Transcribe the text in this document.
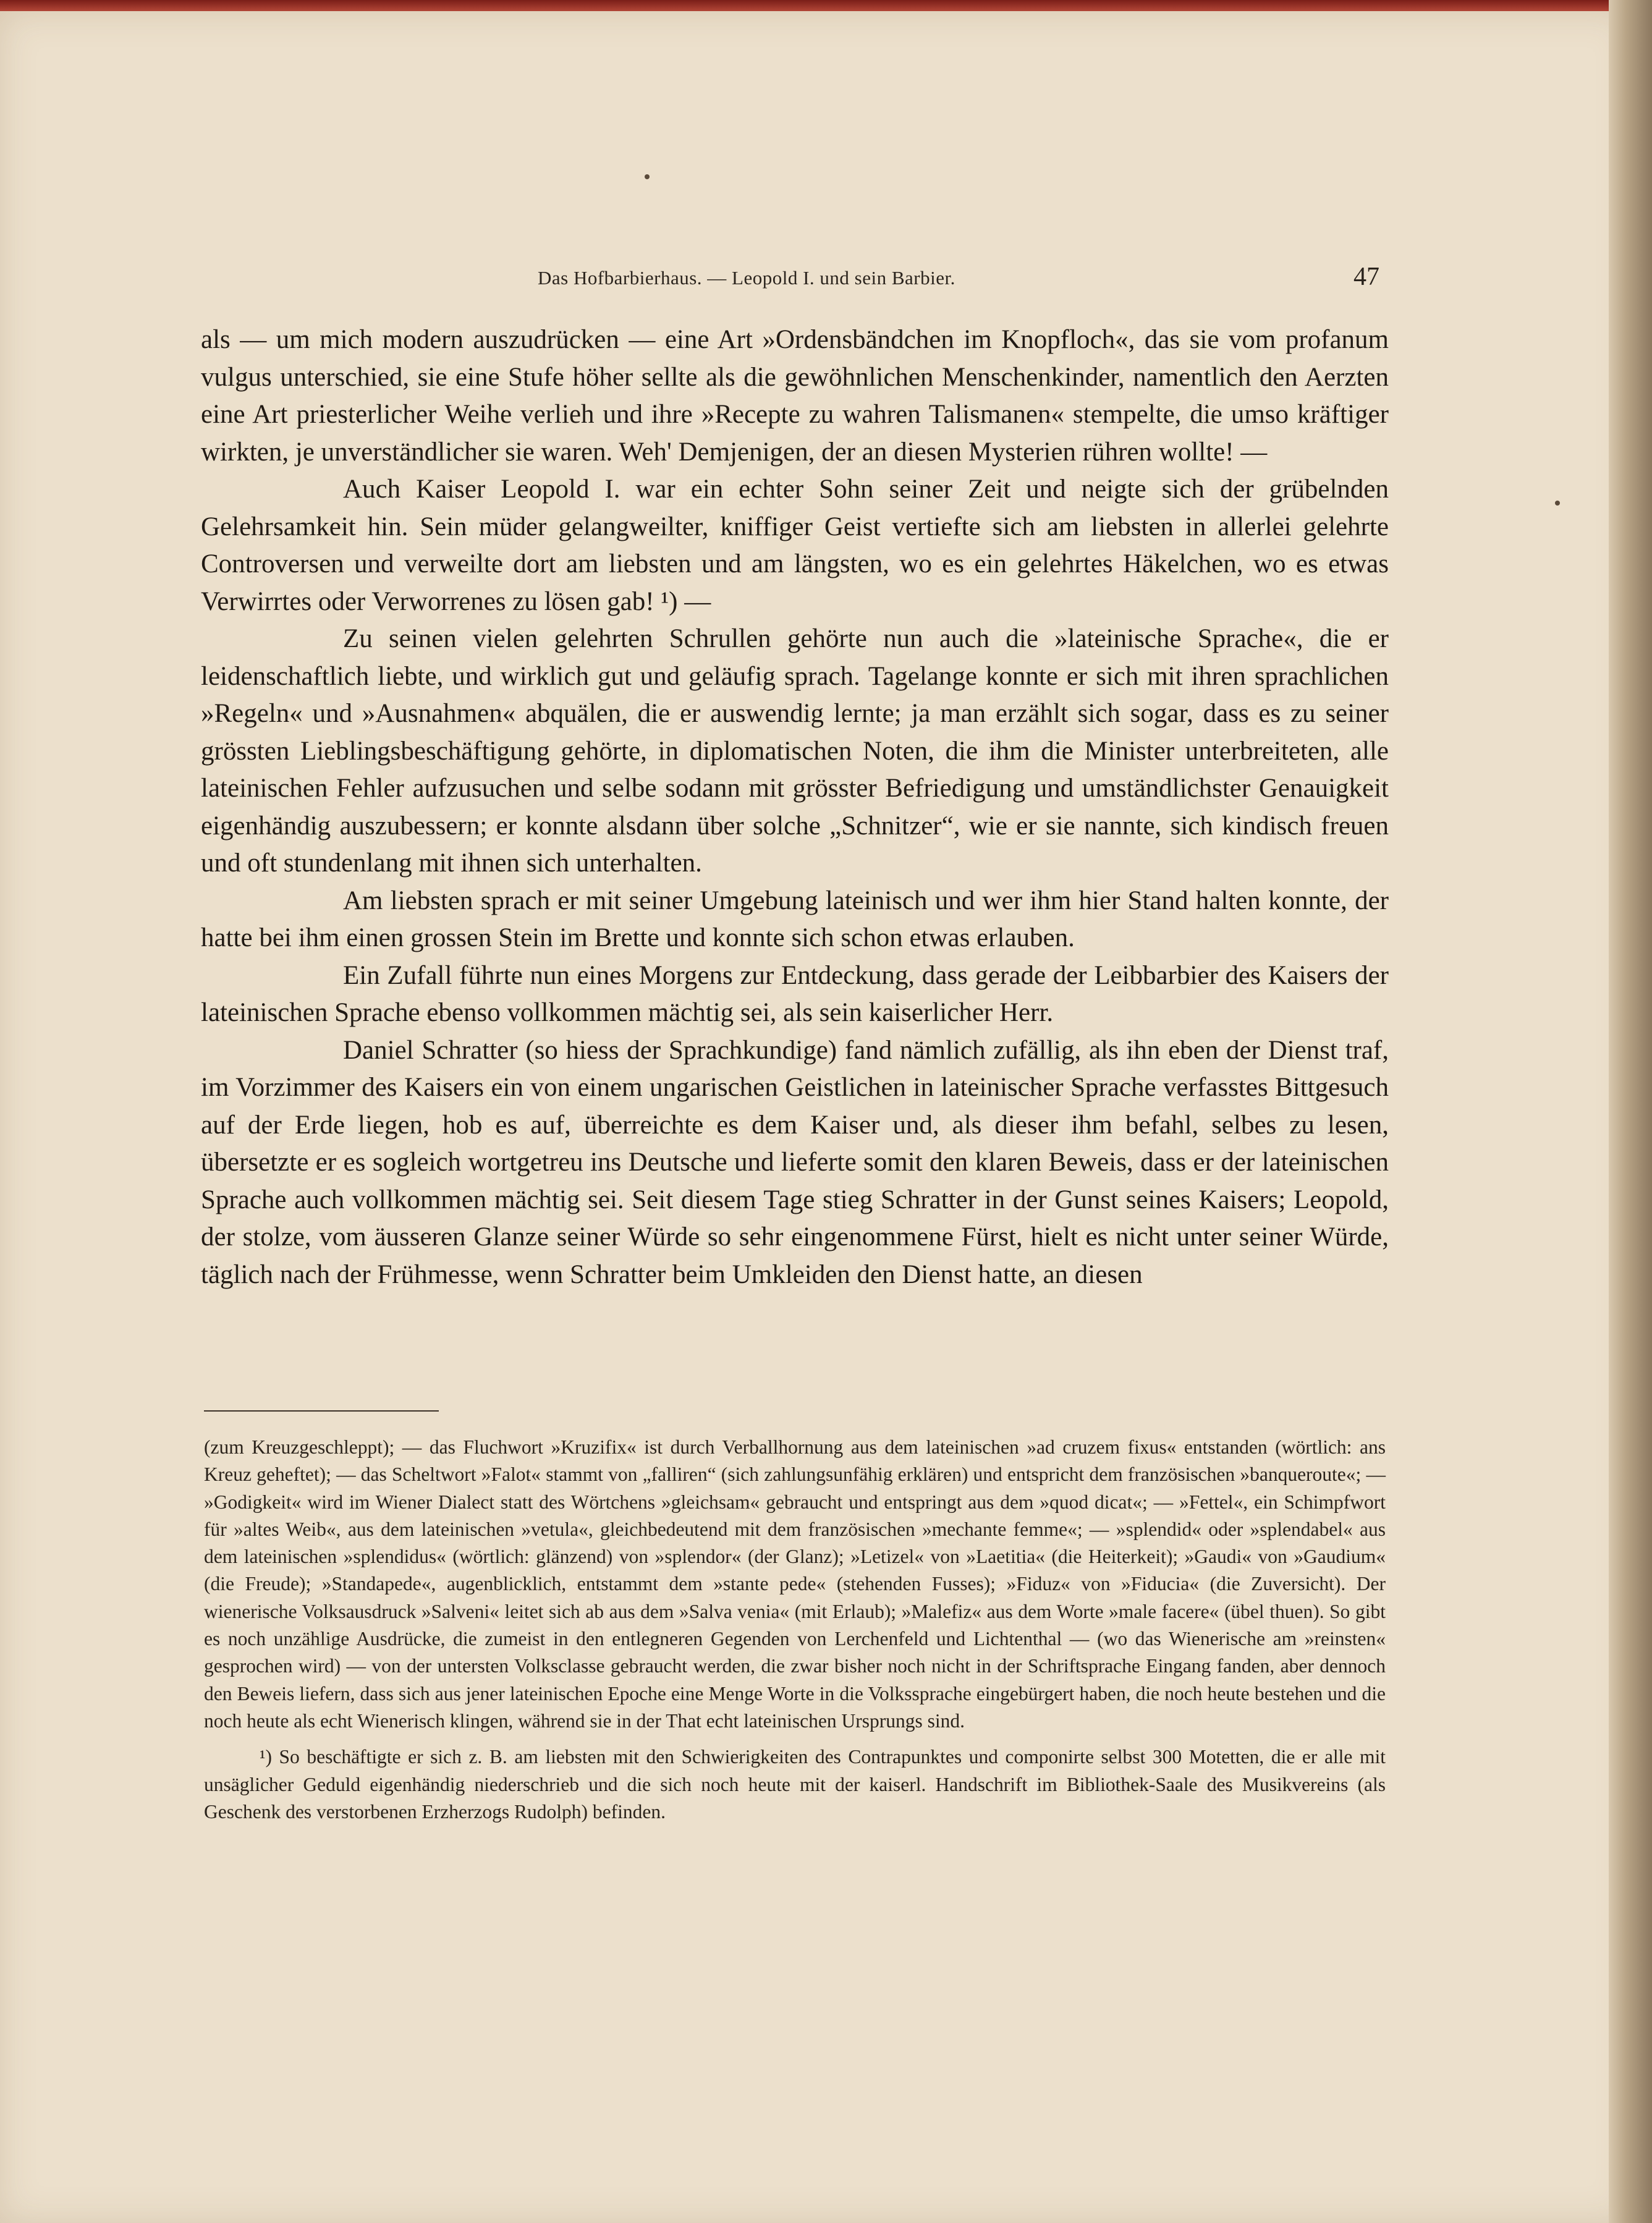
Das Hofbarbierhaus. — Leopold I. und sein Barbier.	47

als — um mich modern auszudrücken — eine Art »Ordensbändchen im Knopfloch«, das sie vom profanum vulgus unterschied, sie eine Stufe höher sellte als die gewöhnlichen Menschenkinder, namentlich den Aerzten eine Art priesterlicher Weihe verlieh und ihre »Recepte zu wahren Talismanen« stempelte, die umso kräftiger wirkten, je unverständlicher sie waren. Weh' Demjenigen, der an diesen Mysterien rühren wollte! —

Auch Kaiser Leopold I. war ein echter Sohn seiner Zeit und neigte sich der grübelnden Gelehrsamkeit hin. Sein müder gelangweilter, kniffiger Geist vertiefte sich am liebsten in allerlei gelehrte Controversen und verweilte dort am liebsten und am längsten, wo es ein gelehrtes Häkelchen, wo es etwas Verwirrtes oder Verworrenes zu lösen gab! ¹) —

Zu seinen vielen gelehrten Schrullen gehörte nun auch die »lateinische Sprache«, die er leidenschaftlich liebte, und wirklich gut und geläufig sprach. Tagelange konnte er sich mit ihren sprachlichen »Regeln« und »Ausnahmen« abquälen, die er auswendig lernte; ja man erzählt sich sogar, dass es zu seiner grössten Lieblingsbeschäftigung gehörte, in diplomatischen Noten, die ihm die Minister unterbreiteten, alle lateinischen Fehler aufzusuchen und selbe sodann mit grösster Befriedigung und umständlichster Genauigkeit eigenhändig auszubessern; er konnte alsdann über solche „Schnitzer“, wie er sie nannte, sich kindisch freuen und oft stundenlang mit ihnen sich unterhalten.

Am liebsten sprach er mit seiner Umgebung lateinisch und wer ihm hier Stand halten konnte, der hatte bei ihm einen grossen Stein im Brette und konnte sich schon etwas erlauben.

Ein Zufall führte nun eines Morgens zur Entdeckung, dass gerade der Leibbarbier des Kaisers der lateinischen Sprache ebenso vollkommen mächtig sei, als sein kaiserlicher Herr.

Daniel Schratter (so hiess der Sprachkundige) fand nämlich zufällig, als ihn eben der Dienst traf, im Vorzimmer des Kaisers ein von einem ungarischen Geistlichen in lateinischer Sprache verfasstes Bittgesuch auf der Erde liegen, hob es auf, überreichte es dem Kaiser und, als dieser ihm befahl, selbes zu lesen, übersetzte er es sogleich wortgetreu ins Deutsche und lieferte somit den klaren Beweis, dass er der lateinischen Sprache auch vollkommen mächtig sei. Seit diesem Tage stieg Schratter in der Gunst seines Kaisers; Leopold, der stolze, vom äusseren Glanze seiner Würde so sehr eingenommene Fürst, hielt es nicht unter seiner Würde, täglich nach der Frühmesse, wenn Schratter beim Umkleiden den Dienst hatte, an diesen

(zum Kreuzgeschleppt); — das Fluchwort »Kruzifix« ist durch Verballhornung aus dem lateinischen »ad cruzem fixus« entstanden (wörtlich: ans Kreuz geheftet); — das Scheltwort »Falot« stammt von „falliren“ (sich zahlungsunfähig erklären) und entspricht dem französischen »banqueroute«; — »Godigkeit« wird im Wiener Dialect statt des Wörtchens »gleichsam« gebraucht und entspringt aus dem »quod dicat«; — »Fettel«, ein Schimpfwort für »altes Weib«, aus dem lateinischen »vetula«, gleichbedeutend mit dem französischen »mechante femme«; — »splendid« oder »splendabel« aus dem lateinischen »splendidus« (wörtlich: glänzend) von »splendor« (der Glanz); »Letizel« von »Laetitia« (die Heiterkeit); »Gaudi« von »Gaudium« (die Freude); »Standapede«, augenblicklich, entstammt dem »stante pede« (stehenden Fusses); »Fiduz« von »Fiducia« (die Zuversicht). Der wienerische Volksausdruck »Salveni« leitet sich ab aus dem »Salva venia« (mit Erlaub); »Malefiz« aus dem Worte »male facere« (übel thuen). So gibt es noch unzählige Ausdrücke, die zumeist in den entlegneren Gegenden von Lerchenfeld und Lichtenthal — (wo das Wienerische am »reinsten« gesprochen wird) — von der untersten Volksclasse gebraucht werden, die zwar bisher noch nicht in der Schriftsprache Eingang fanden, aber dennoch den Beweis liefern, dass sich aus jener lateinischen Epoche eine Menge Worte in die Volkssprache eingebürgert haben, die noch heute bestehen und die noch heute als echt Wienerisch klingen, während sie in der That echt lateinischen Ursprungs sind.

¹) So beschäftigte er sich z. B. am liebsten mit den Schwierigkeiten des Contrapunktes und componirte selbst 300 Motetten, die er alle mit unsäglicher Geduld eigenhändig niederschrieb und die sich noch heute mit der kaiserl. Handschrift im Bibliothek-Saale des Musikvereins (als Geschenk des verstorbenen Erzherzogs Rudolph) befinden.
